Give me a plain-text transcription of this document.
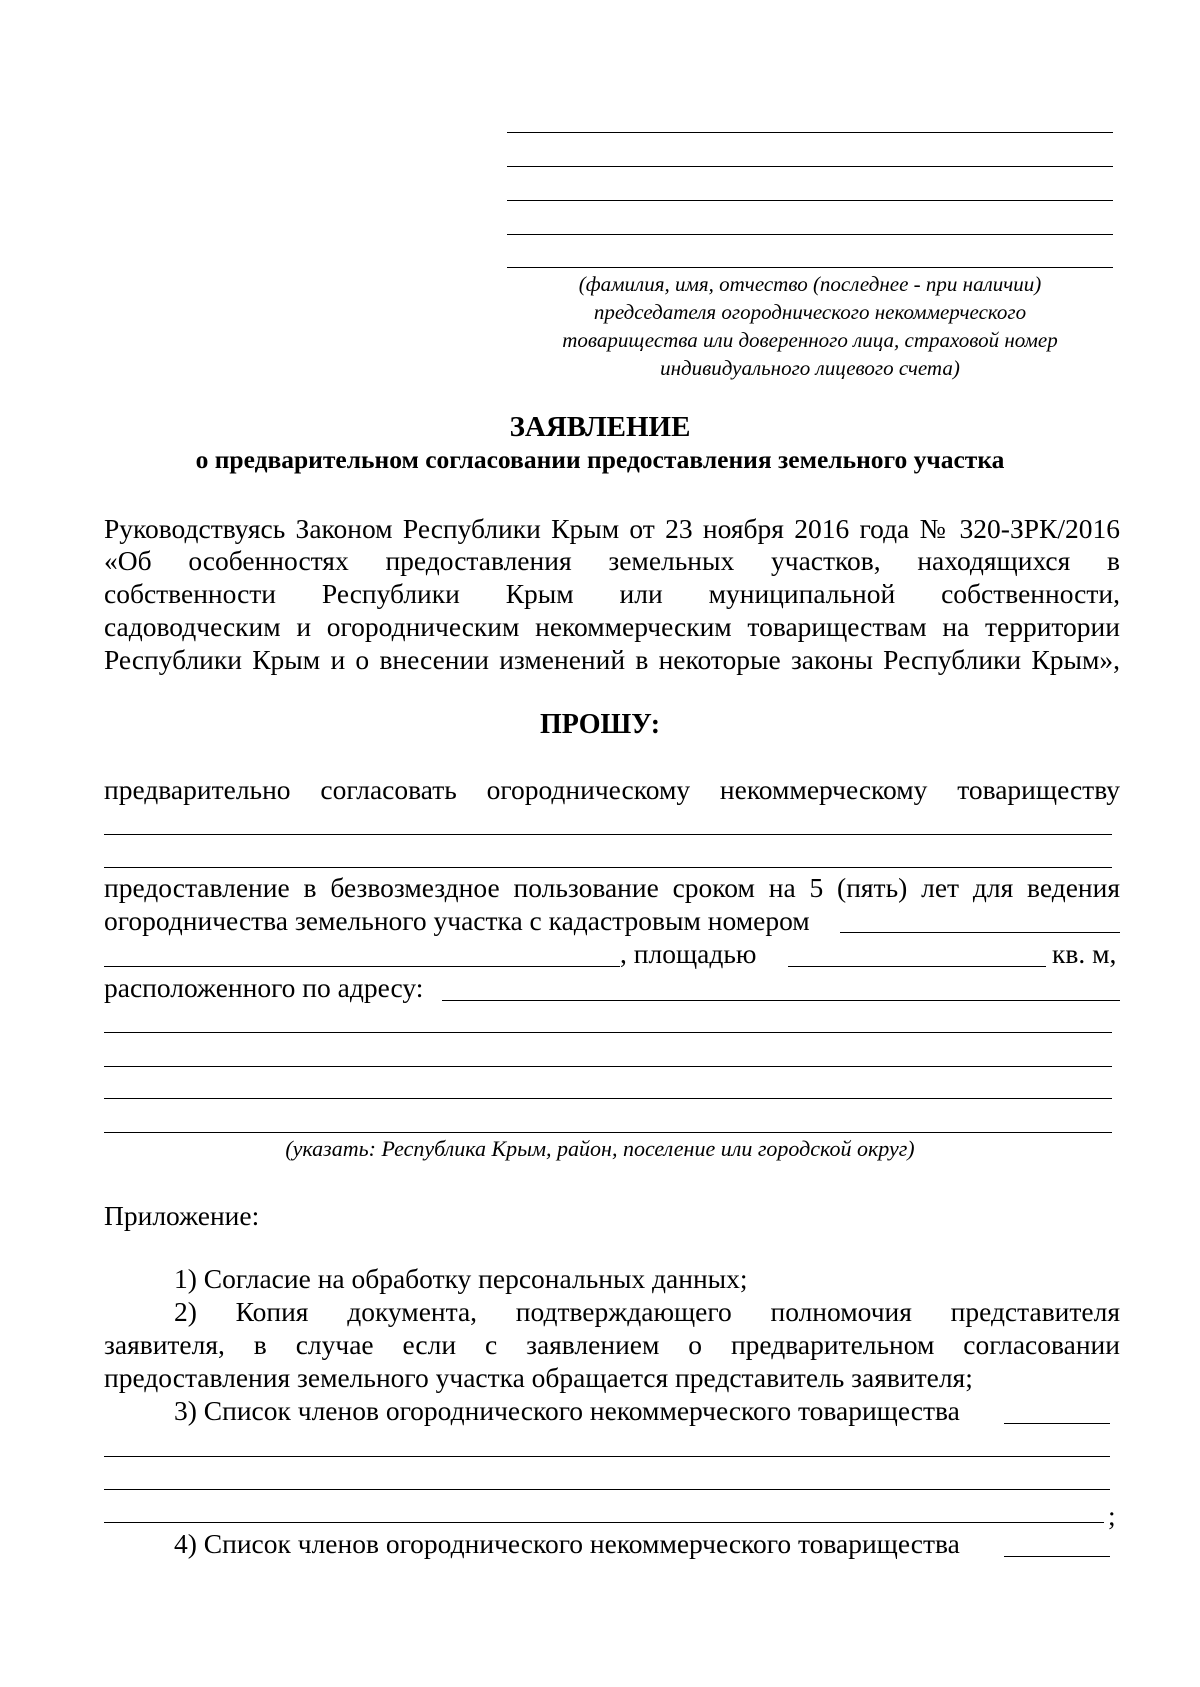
(фамилия, имя, отчество (последнее - при наличии)
председателя огороднического некоммерческого
товарищества или доверенного лица, страховой номер
индивидуального лицевого счета)
ЗАЯВЛЕНИЕ
о предварительном согласовании предоставления земельного участка
Руководствуясь Законом Республики Крым от 23 ноября 2016 года № 320-ЗРК/2016
«Об особенностях предоставления земельных участков, находящихся в
собственности Республики Крым или муниципальной собственности,
садоводческим и огородническим некоммерческим товариществам на территории
Республики Крым и о внесении изменений в некоторые законы Республики Крым»,
ПРОШУ:
предварительно согласовать огородническому некоммерческому товариществу
предоставление в безвозмездное пользование сроком на 5 (пять) лет для ведения
огородничества земельного участка с кадастровым номером
, площадью	кв. м,
расположенного по адресу:
(указать: Республика Крым, район, поселение или городской округ)
Приложение:
1) Согласие на обработку персональных данных;
2) Копия документа, подтверждающего полномочия представителя
заявителя, в случае если с заявлением о предварительном согласовании
предоставления земельного участка обращается представитель заявителя;
3) Список членов огороднического некоммерческого товарищества
;
4) Список членов огороднического некоммерческого товарищества
